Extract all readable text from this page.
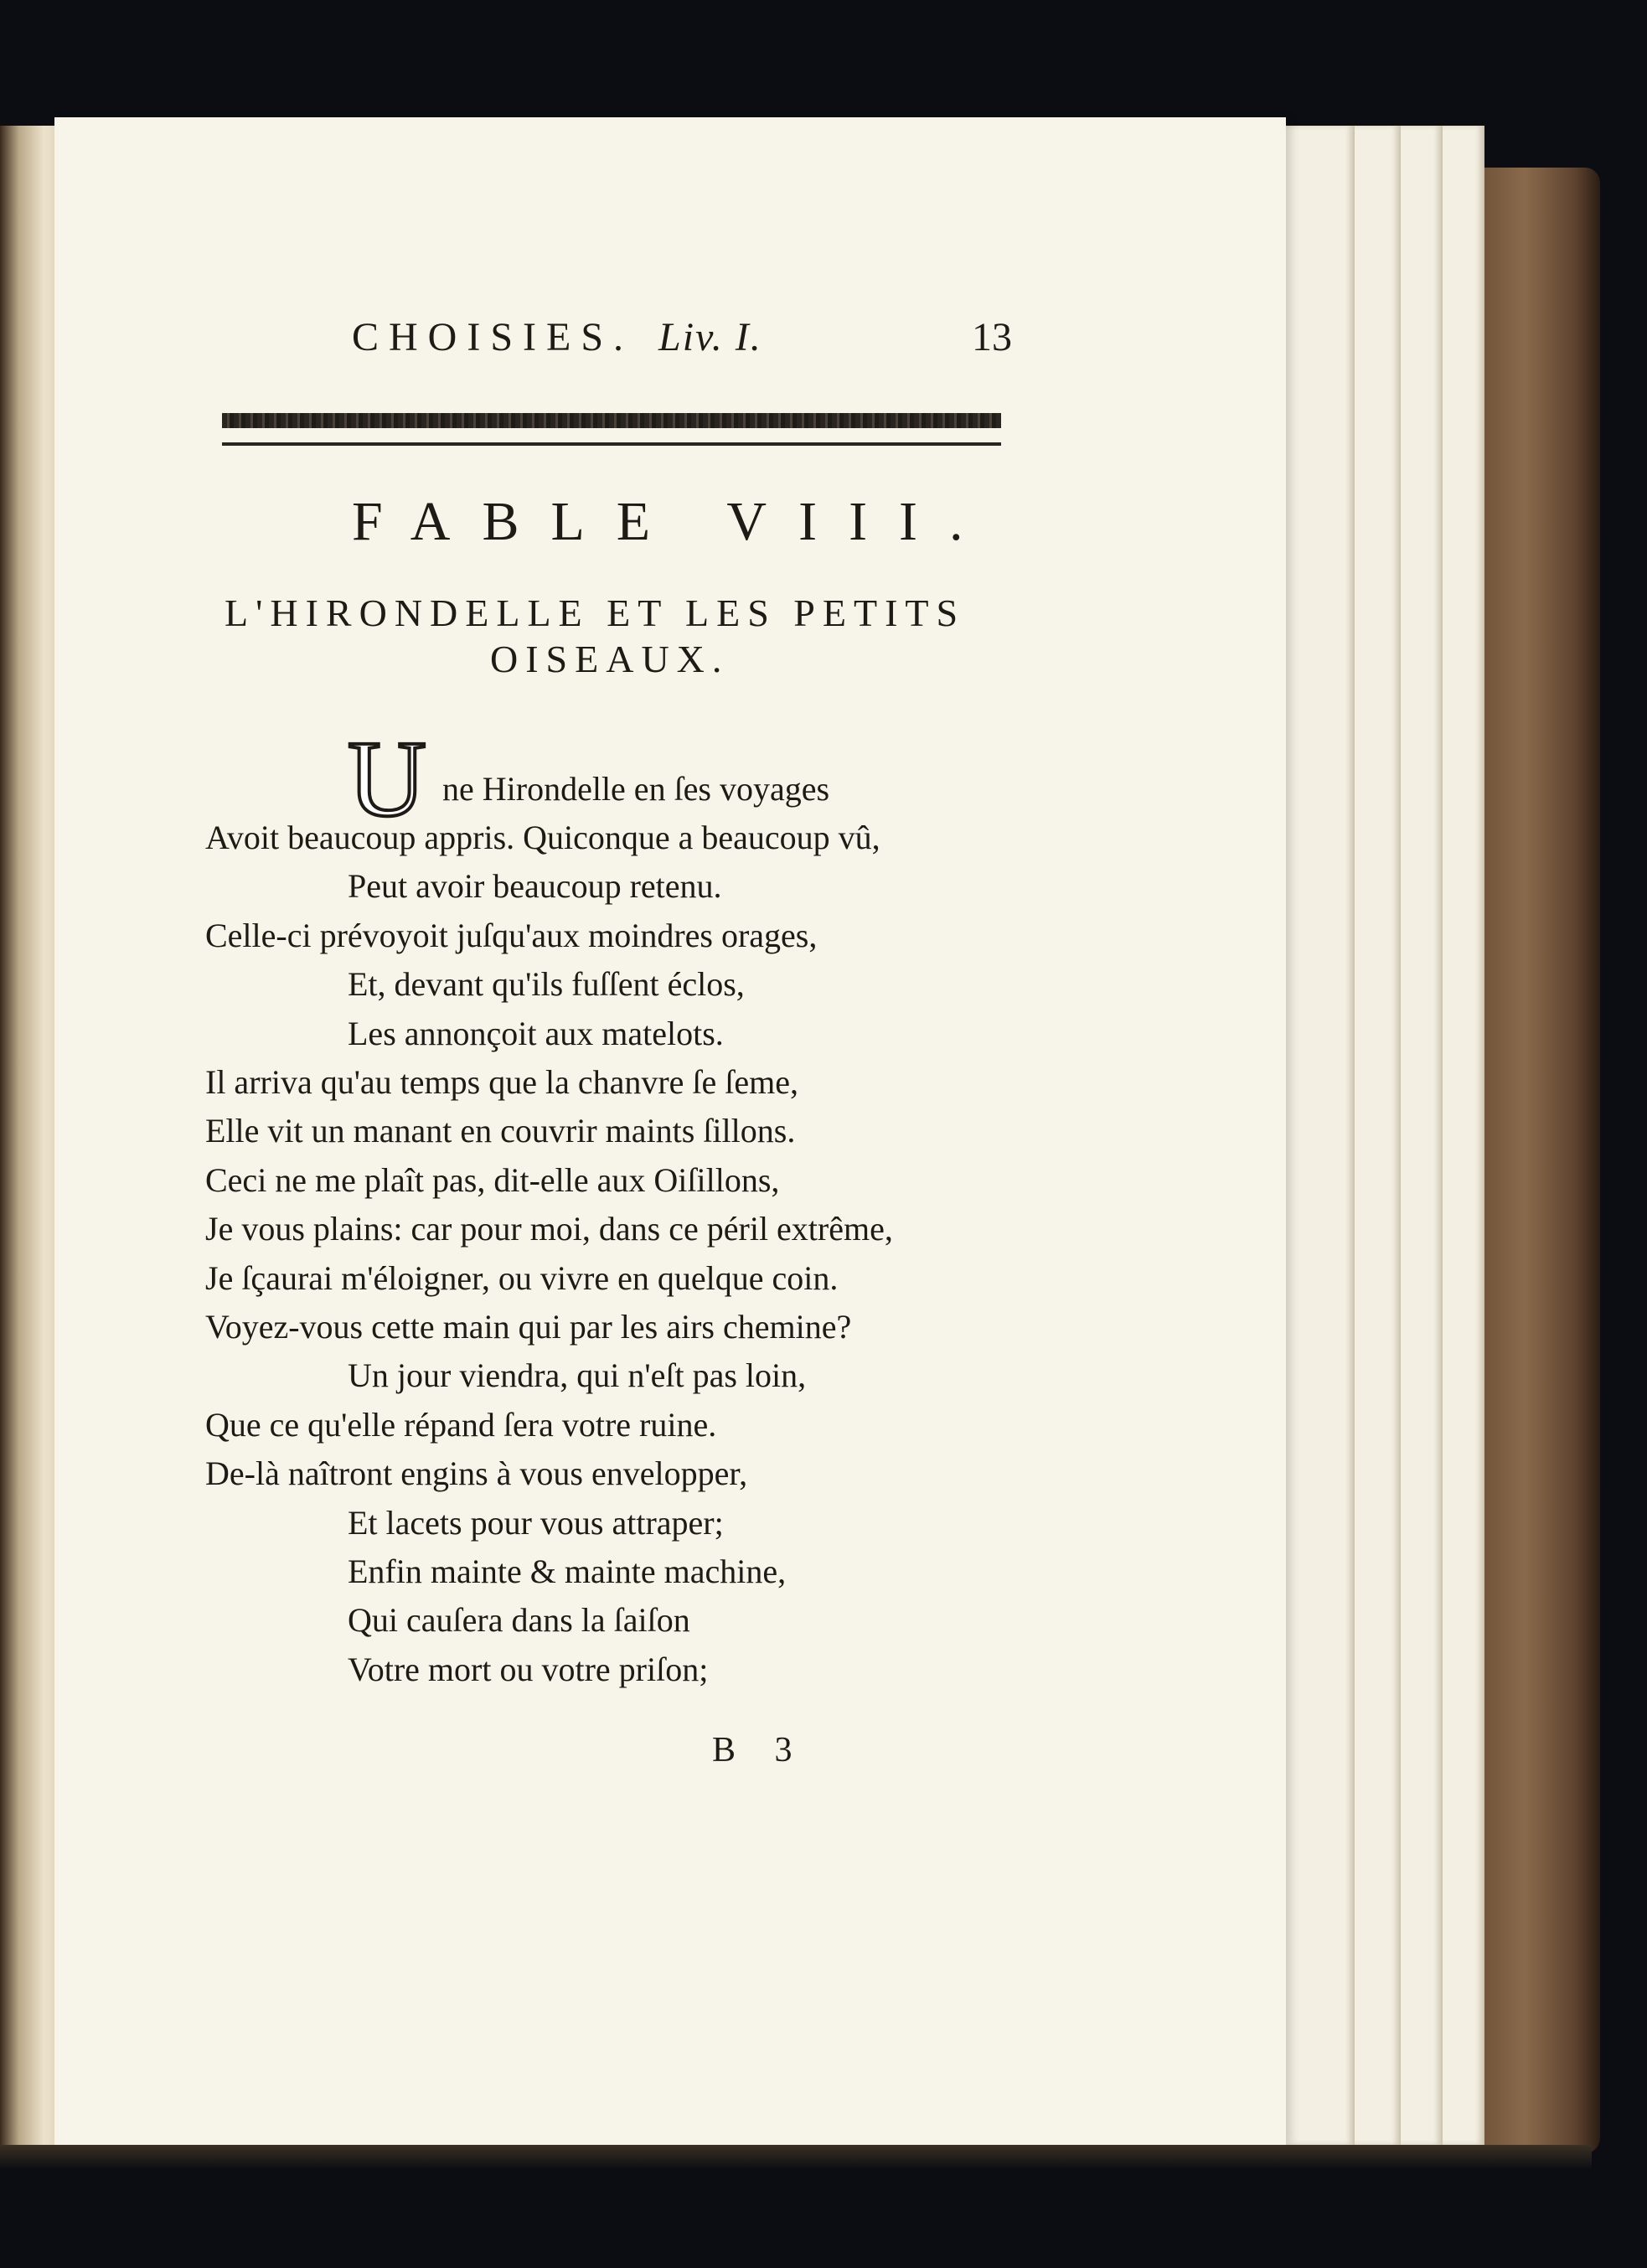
CHOISIES. Liv. I.	13
FABLE VIII.
L'HIRONDELLE ET LES PETITS
OISEAUX.
U ne Hirondelle en ſes voyages
Avoit beaucoup appris. Quiconque a beaucoup vû,
Peut avoir beaucoup retenu.
Celle-ci prévoyoit juſqu'aux moindres orages,
Et, devant qu'ils fuſſent éclos,
Les annonçoit aux matelots.
Il arriva qu'au temps que la chanvre ſe ſeme,
Elle vit un manant en couvrir maints ſillons.
Ceci ne me plaît pas, dit-elle aux Oiſillons,
Je vous plains: car pour moi, dans ce péril extrême,
Je ſçaurai m'éloigner, ou vivre en quelque coin.
Voyez-vous cette main qui par les airs chemine?
Un jour viendra, qui n'eſt pas loin,
Que ce qu'elle répand ſera votre ruine.
De-là naîtront engins à vous envelopper,
Et lacets pour vous attraper;
Enfin mainte & mainte machine,
Qui cauſera dans la ſaiſon
Votre mort ou votre priſon;
B 3
